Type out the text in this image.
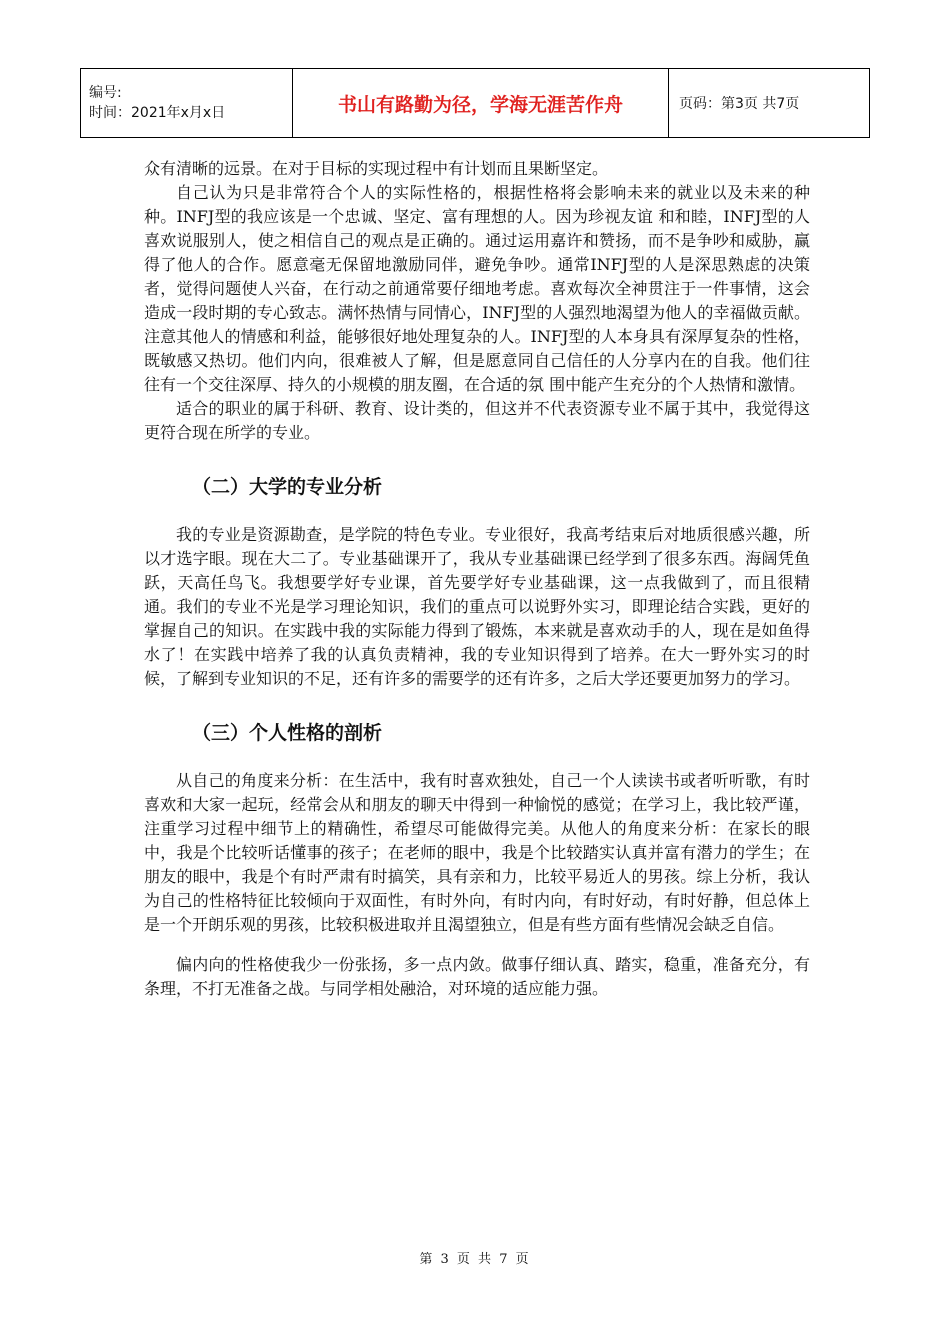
编号:
时间：2021年x月x日	书山有路勤为径，学海无涯苦作舟	页码：第3页 共7页

众有清晰的远景。在对于目标的实现过程中有计划而且果断坚定。

自己认为只是非常符合个人的实际性格的，根据性格将会影响未来的就业以及未来的种种。INFJ型的我应该是一个忠诚、坚定、富有理想的人。因为珍视友谊 和和睦，INFJ型的人喜欢说服别人，使之相信自己的观点是正确的。通过运用嘉许和赞扬，而不是争吵和威胁，赢得了他人的合作。愿意毫无保留地激励同伴，避免争吵。通常INFJ型的人是深思熟虑的决策者，觉得问题使人兴奋，在行动之前通常要仔细地考虑。喜欢每次全神贯注于一件事情，这会造成一段时期的专心致志。满怀热情与同情心，INFJ型的人强烈地渴望为他人的幸福做贡献。注意其他人的情感和利益，能够很好地处理复杂的人。INFJ型的人本身具有深厚复杂的性格，既敏感又热切。他们内向，很难被人了解，但是愿意同自己信任的人分享内在的自我。他们往往有一个交往深厚、持久的小规模的朋友圈，在合适的氛 围中能产生充分的个人热情和激情。

适合的职业的属于科研、教育、设计类的，但这并不代表资源专业不属于其中，我觉得这更符合现在所学的专业。

（二）大学的专业分析

我的专业是资源勘查，是学院的特色专业。专业很好，我高考结束后对地质很感兴趣，所以才选字眼。现在大二了。专业基础课开了，我从专业基础课已经学到了很多东西。海阔凭鱼跃，天高任鸟飞。我想要学好专业课，首先要学好专业基础课，这一点我做到了，而且很精通。我们的专业不光是学习理论知识，我们的重点可以说野外实习，即理论结合实践，更好的掌握自己的知识。在实践中我的实际能力得到了锻炼，本来就是喜欢动手的人，现在是如鱼得水了！在实践中培养了我的认真负责精神，我的专业知识得到了培养。在大一野外实习的时候，了解到专业知识的不足，还有许多的需要学的还有许多，之后大学还要更加努力的学习。

（三）个人性格的剖析

从自己的角度来分析：在生活中，我有时喜欢独处，自己一个人读读书或者听听歌，有时喜欢和大家一起玩，经常会从和朋友的聊天中得到一种愉悦的感觉；在学习上，我比较严谨，注重学习过程中细节上的精确性，希望尽可能做得完美。从他人的角度来分析：在家长的眼中，我是个比较听话懂事的孩子；在老师的眼中，我是个比较踏实认真并富有潜力的学生；在朋友的眼中，我是个有时严肃有时搞笑，具有亲和力，比较平易近人的男孩。综上分析，我认为自己的性格特征比较倾向于双面性，有时外向，有时内向，有时好动，有时好静，但总体上是一个开朗乐观的男孩，比较积极进取并且渴望独立，但是有些方面有些情况会缺乏自信。

偏内向的性格使我少一份张扬，多一点内敛。做事仔细认真、踏实，稳重，准备充分，有条理，不打无准备之战。与同学相处融洽，对环境的适应能力强。

第 3 页 共 7 页
